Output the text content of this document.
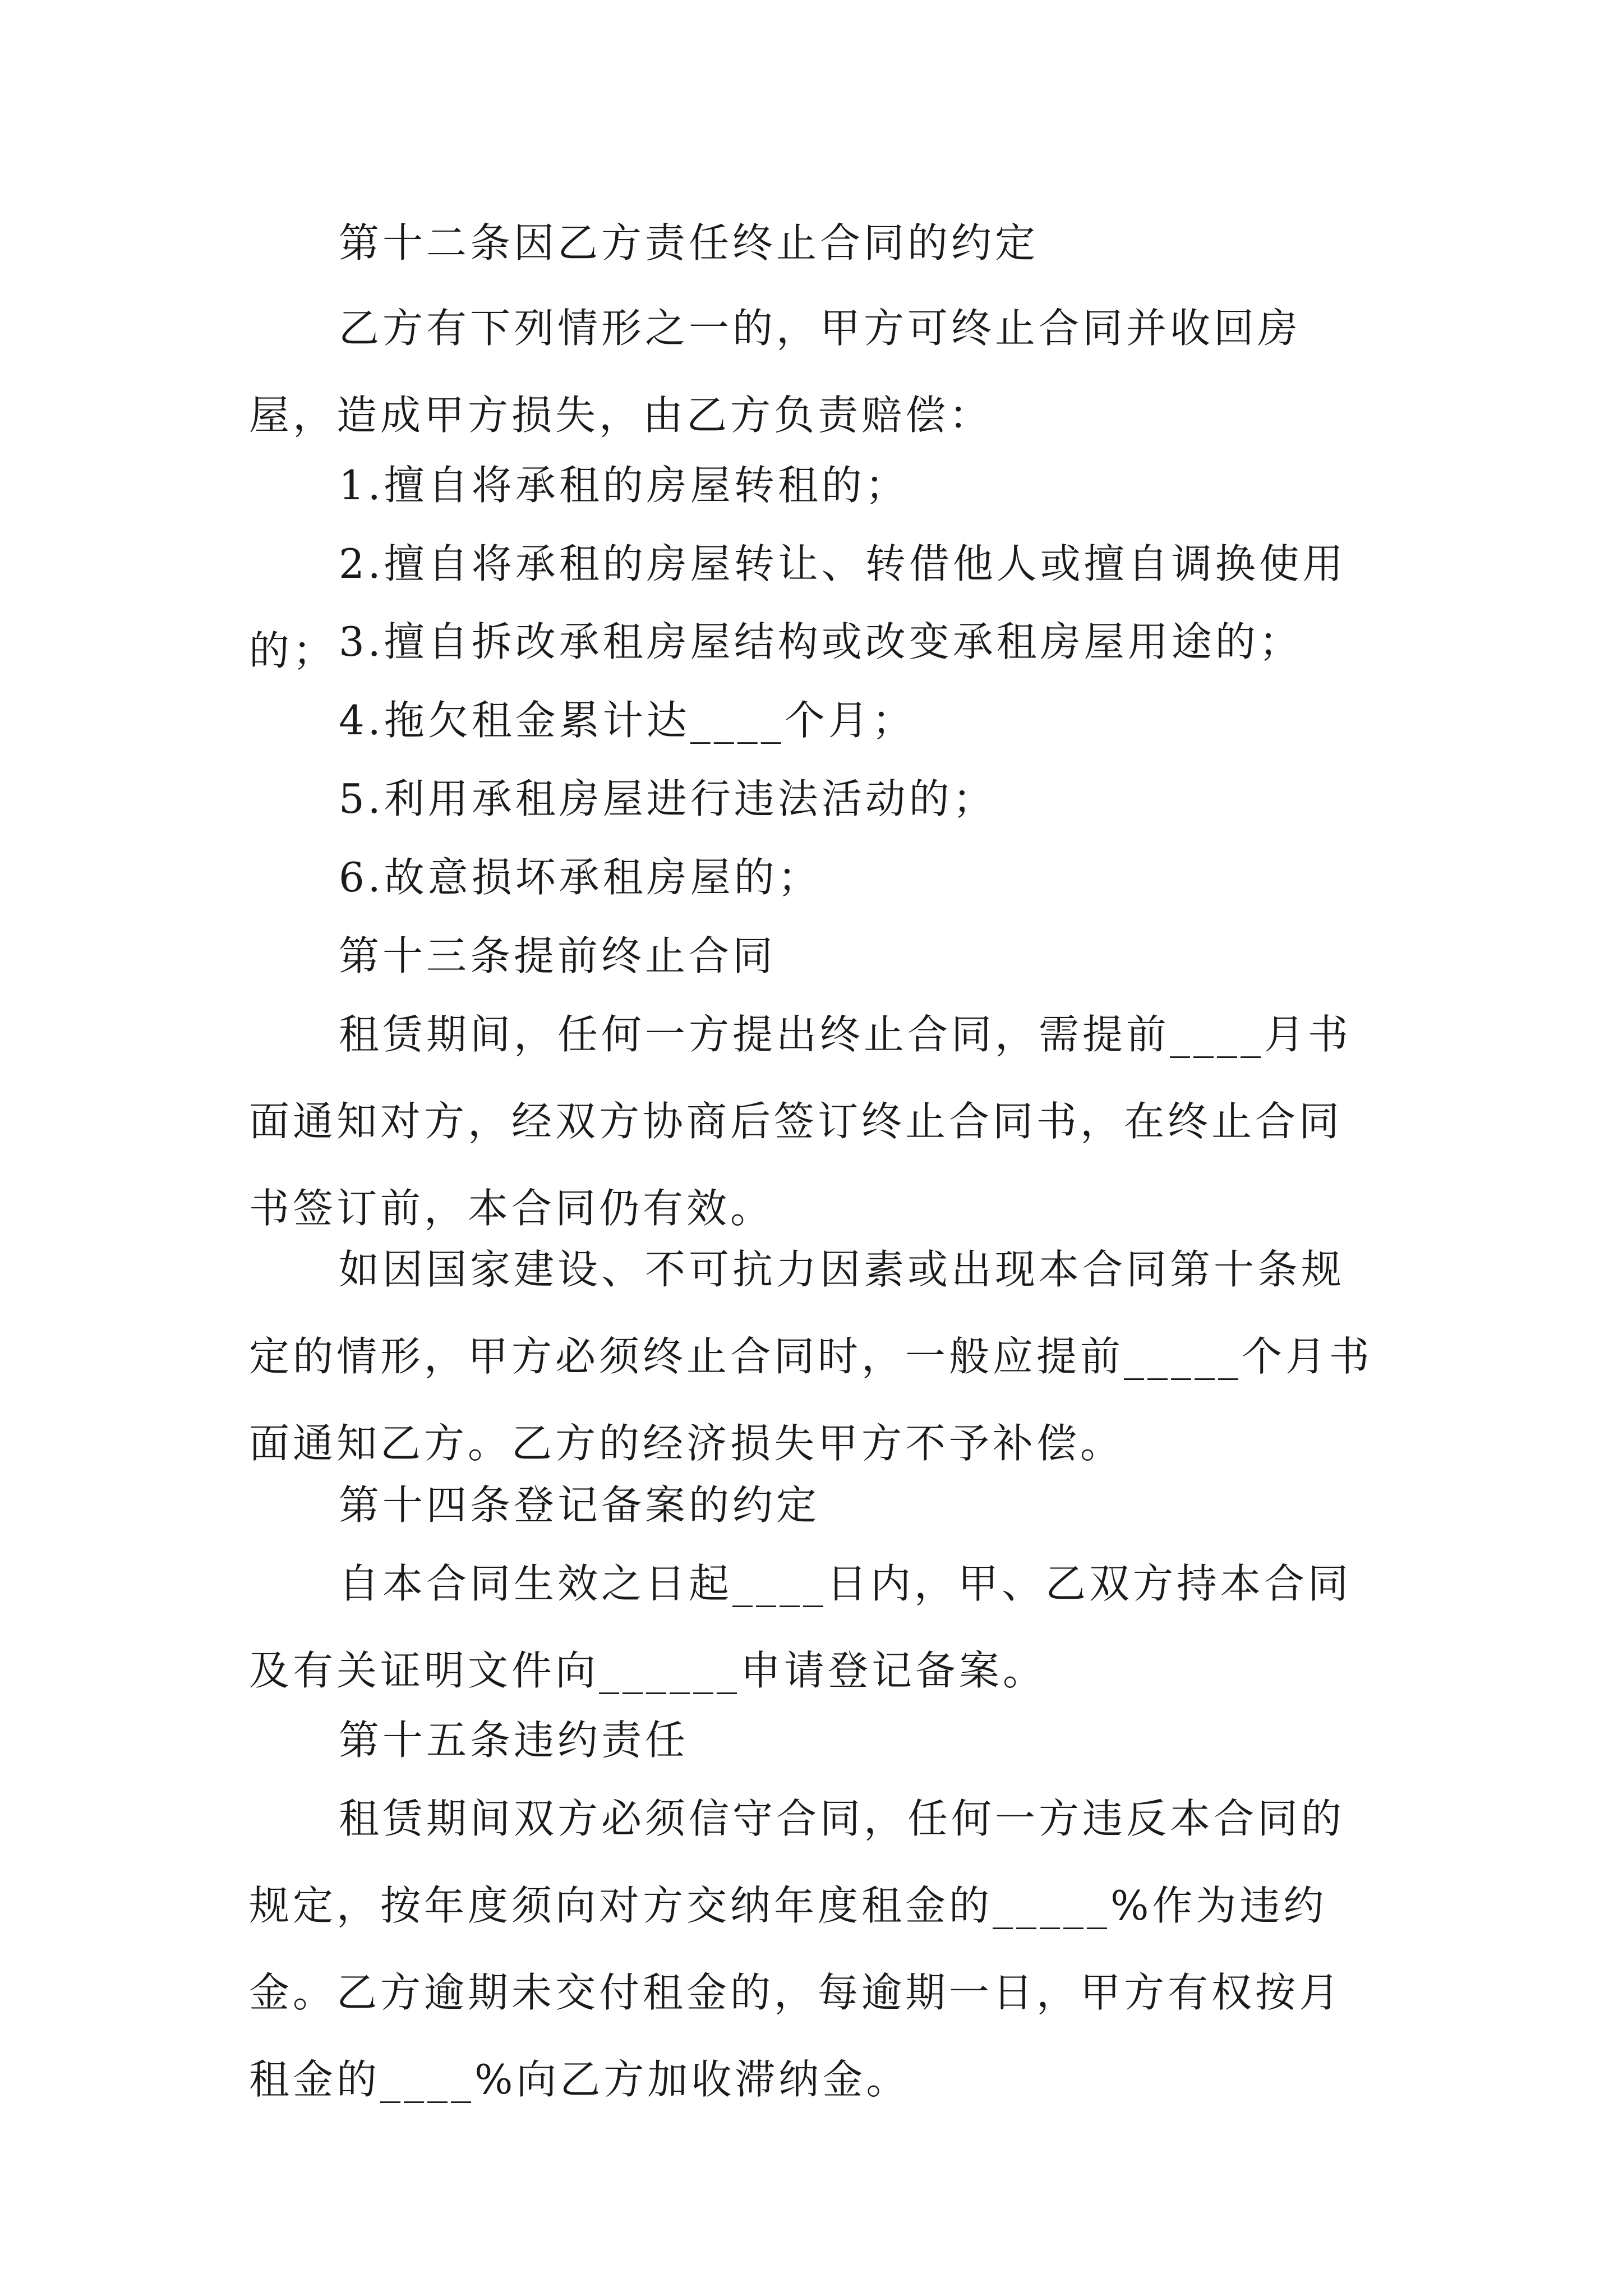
第十二条因乙方责任终止合同的约定

乙方有下列情形之一的，甲方可终止合同并收回房屋，造成甲方损失，由乙方负责赔偿：

1.擅自将承租的房屋转租的；

2.擅自将承租的房屋转让、转借他人或擅自调换使用的； 3.擅自拆改承租房屋结构或改变承租房屋用途的；

4.拖欠租金累计达____个月；

5.利用承租房屋进行违法活动的；

6.故意损坏承租房屋的；

第十三条提前终止合同

租赁期间，任何一方提出终止合同，需提前____月书面通知对方，经双方协商后签订终止合同书，在终止合同书签订前，本合同仍有效。

如因国家建设、不可抗力因素或出现本合同第十条规定的情形，甲方必须终止合同时，一般应提前_____个月书面通知乙方。乙方的经济损失甲方不予补偿。

第十四条登记备案的约定

自本合同生效之日起____日内，甲、乙双方持本合同及有关证明文件向______申请登记备案。

第十五条违约责任

租赁期间双方必须信守合同，任何一方违反本合同的规定，按年度须向对方交纳年度租金的_____%作为违约金。乙方逾期未交付租金的，每逾期一日，甲方有权按月租金的____%向乙方加收滞纳金。
